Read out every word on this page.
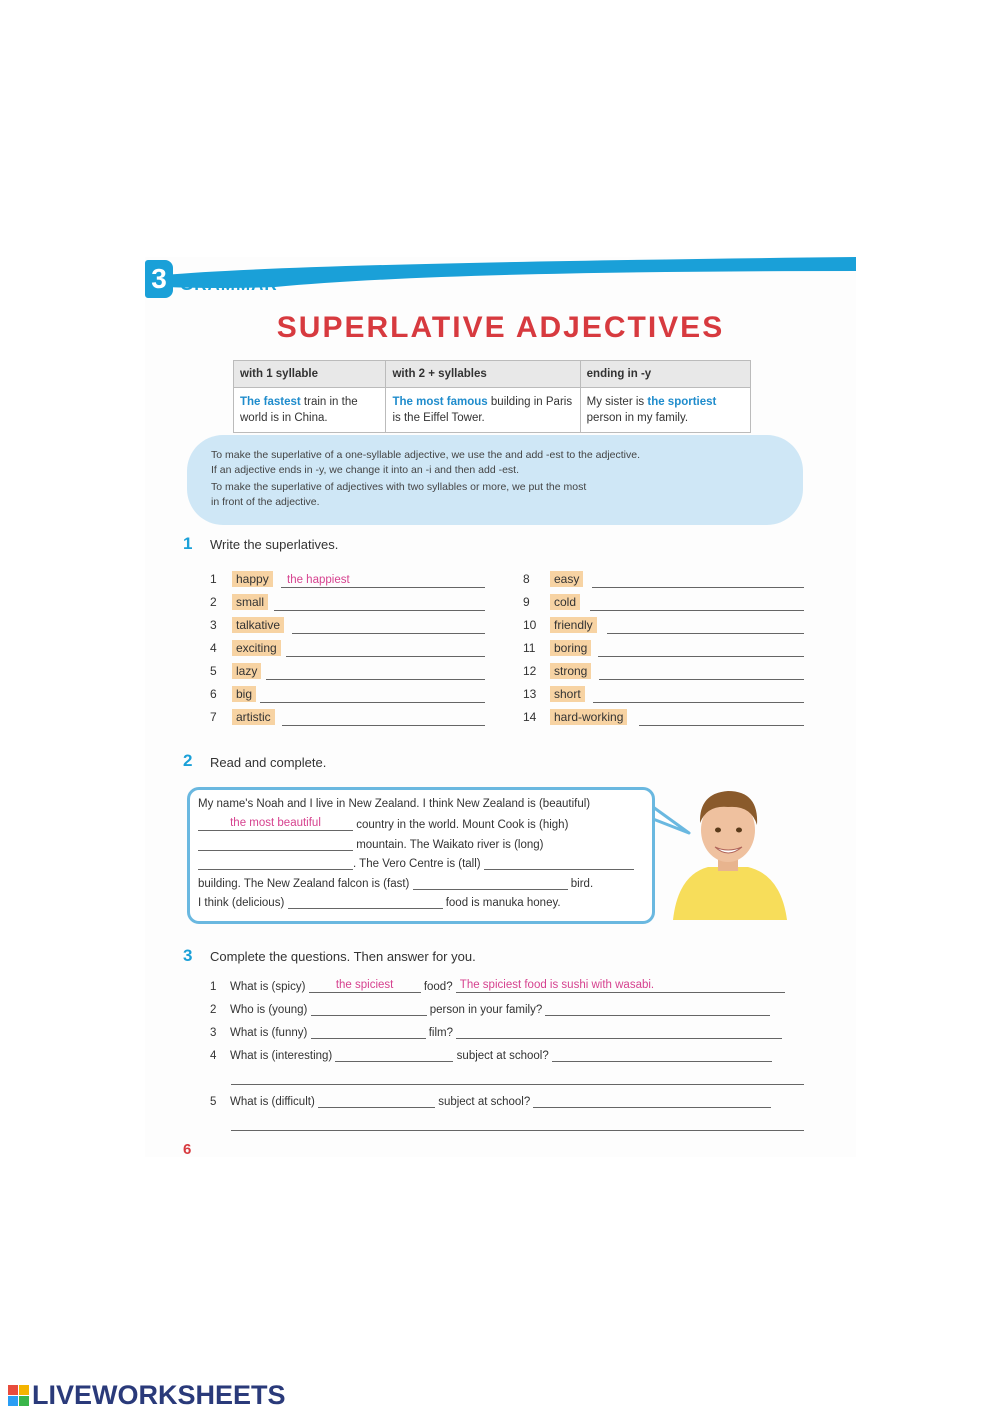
3 GRAMMAR
SUPERLATIVE ADJECTIVES
with 1 syllable	with 2 + syllables	ending in -y
The fastest train in the world is in China.	The most famous building in Paris is the Eiffel Tower.	My sister is the sportiest person in my family.

To make the superlative of a one-syllable adjective, we use the and add -est to the adjective.

If an adjective ends in -y, we change it into an -i and then add -est.

To make the superlative of adjectives with two syllables or more, we put the most

in front of the adjective.

1 Write the superlatives.
1	happy	the happiest
2	small
3	talkative
4	exciting
5	lazy
6	big
7	artistic
8	easy
9	cold
10	friendly
11	boring
12	strong
13	short
14	hard-working
2 Read and complete.
My name's Noah and I live in New Zealand. I think New Zealand is (beautiful)
the most beautiful	country in the world. Mount Cook is (high)
mountain. The Waikato river is (long)
. The Vero Centre is (tall)
building. The New Zealand falcon is (fast)	bird.
I think (delicious)	food is manuka honey.
3 Complete the questions. Then answer for you.
1 What is (spicy)	the spiciest	food? The spiciest food is sushi with wasabi.
2 Who is (young)	person in your family?
3 What is (funny)	film?
4 What is (interesting)	subject at school?
5 What is (difficult)	subject at school?
6
LIVEWORKSHEETS
